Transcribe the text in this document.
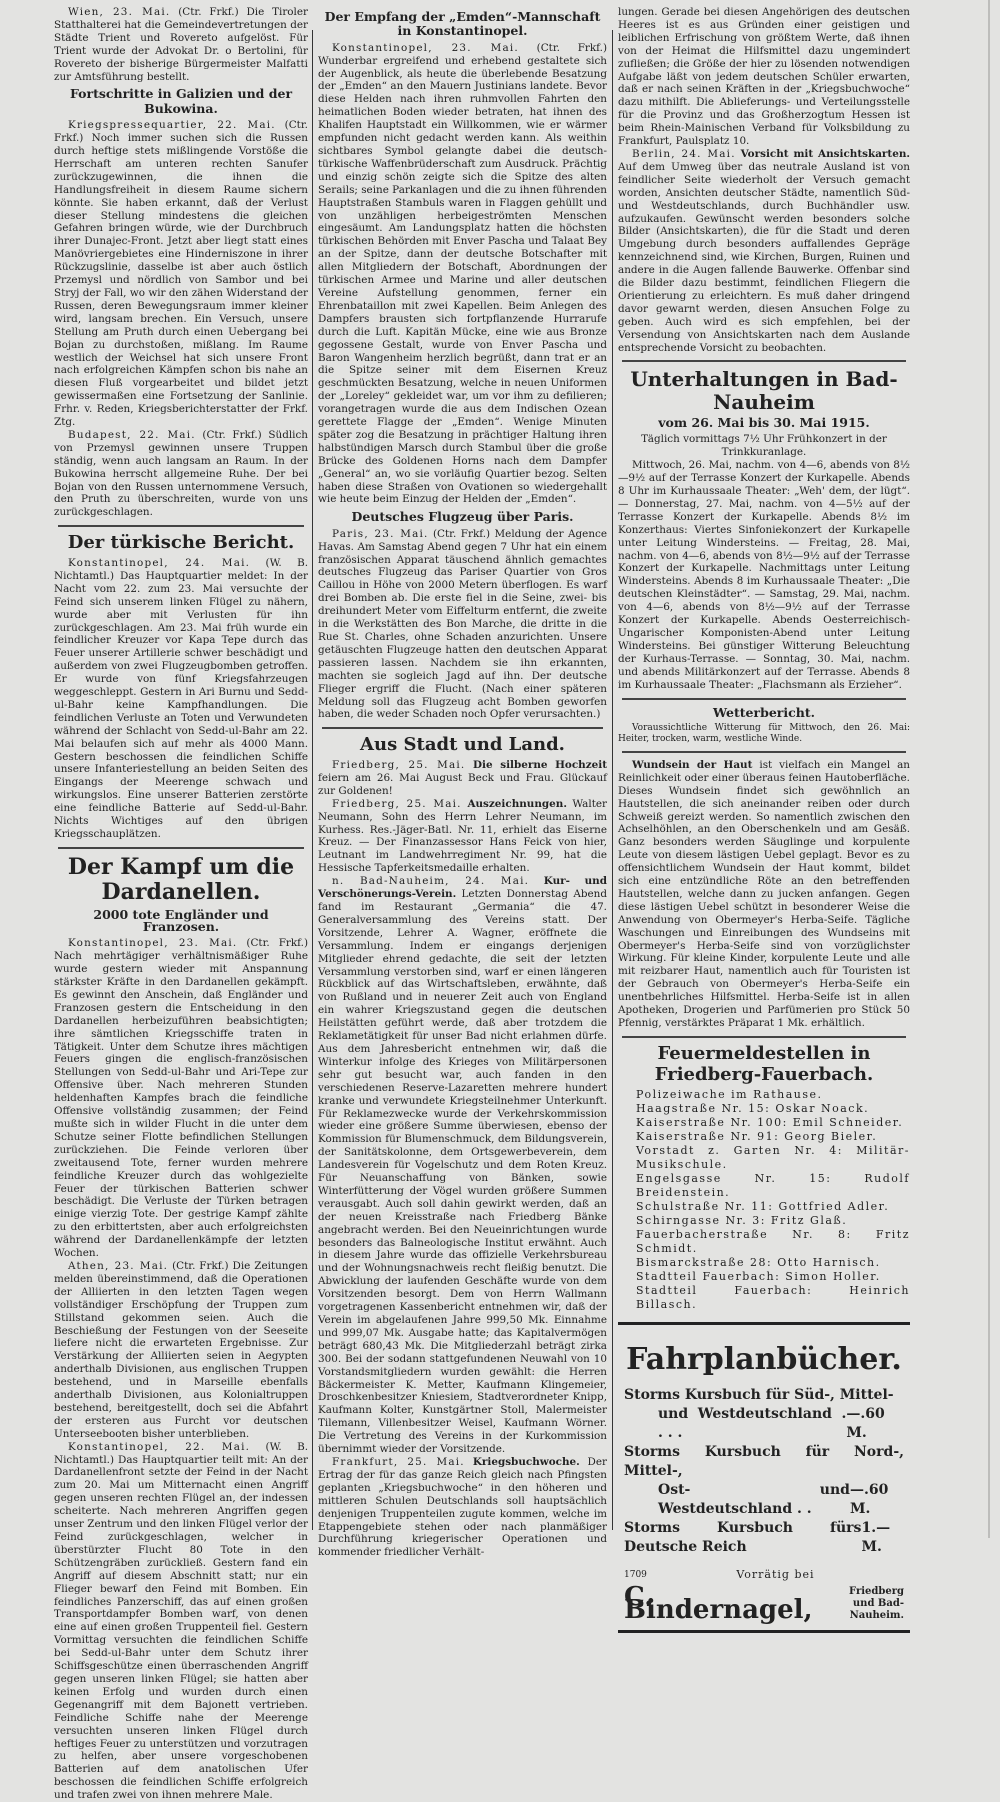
Wien, 23. Mai. (Ctr. Frkf.) Die Tiroler Statthalterei hat die Gemeindevertretungen der Städte Trient und Rovereto aufgelöst. Für Trient wurde der Advokat Dr. o Bertolini, für Rovereto der bisherige Bürgermeister Malfatti zur Amtsführung bestellt.

Fortschritte in Galizien und der Bukowina.

Kriegspressequartier, 22. Mai. (Ctr. Frkf.) Noch immer suchen sich die Russen durch heftige stets mißlingende Vorstöße die Herrschaft am unteren rechten Sanufer zurückzugewinnen, die ihnen die Handlungsfreiheit in diesem Raume sichern könnte. Sie haben erkannt, daß der Verlust dieser Stellung mindestens die gleichen Gefahren bringen würde, wie der Durchbruch ihrer Dunajec-Front. Jetzt aber liegt statt eines Manövriergebietes eine Hinderniszone in ihrer Rückzugslinie, dasselbe ist aber auch östlich Przemysl und nördlich von Sambor und bei Stryj der Fall, wo wir den zähen Widerstand der Russen, deren Bewegungsraum immer kleiner wird, langsam brechen. Ein Versuch, unsere Stellung am Pruth durch einen Uebergang bei Bojan zu durchstoßen, mißlang. Im Raume westlich der Weichsel hat sich unsere Front nach erfolgreichen Kämpfen schon bis nahe an diesen Fluß vorgearbeitet und bildet jetzt gewissermaßen eine Fortsetzung der Sanlinie. Frhr. v. Reden, Kriegsberichterstatter der Frkf. Ztg.

Budapest, 22. Mai. (Ctr. Frkf.) Südlich von Przemysl gewinnen unsere Truppen ständig, wenn auch langsam an Raum. In der Bukowina herrscht allgemeine Ruhe. Der bei Bojan von den Russen unternommene Versuch, den Pruth zu überschreiten, wurde von uns zurückgeschlagen.

Der türkische Bericht.

Konstantinopel, 24. Mai. (W. B. Nichtamtl.) Das Hauptquartier meldet: In der Nacht vom 22. zum 23. Mai versuchte der Feind sich unserem linken Flügel zu nähern, wurde aber mit Verlusten für ihn zurückgeschlagen. Am 23. Mai früh wurde ein feindlicher Kreuzer vor Kapa Tepe durch das Feuer unserer Artillerie schwer beschädigt und außerdem von zwei Flugzeugbomben getroffen. Er wurde von fünf Kriegsfahrzeugen weggeschleppt. Gestern in Ari Burnu und Sedd-ul-Bahr keine Kampfhandlungen. Die feindlichen Verluste an Toten und Verwundeten während der Schlacht von Sedd-ul-Bahr am 22. Mai belaufen sich auf mehr als 4000 Mann. Gestern beschossen die feindlichen Schiffe unsere Infanteriestellung an beiden Seiten des Eingangs der Meerenge schwach und wirkungslos. Eine unserer Batterien zerstörte eine feindliche Batterie auf Sedd-ul-Bahr. Nichts Wichtiges auf den übrigen Kriegsschauplätzen.

Der Kampf um die Dardanellen.
2000 tote Engländer und Franzosen.

Konstantinopel, 23. Mai. (Ctr. Frkf.) Nach mehrtägiger verhältnismäßiger Ruhe wurde gestern wieder mit Anspannung stärkster Kräfte in den Dardanellen gekämpft. Es gewinnt den Anschein, daß Engländer und Franzosen gestern die Entscheidung in den Dardanellen herbeizuführen beabsichtigten; ihre sämtlichen Kriegsschiffe traten in Tätigkeit. Unter dem Schutze ihres mächtigen Feuers gingen die englisch-französischen Stellungen von Sedd-ul-Bahr und Ari-Tepe zur Offensive über. Nach mehreren Stunden heldenhaften Kampfes brach die feindliche Offensive vollständig zusammen; der Feind mußte sich in wilder Flucht in die unter dem Schutze seiner Flotte befindlichen Stellungen zurückziehen. Die Feinde verloren über zweitausend Tote, ferner wurden mehrere feindliche Kreuzer durch das wohlgezielte Feuer der türkischen Batterien schwer beschädigt. Die Verluste der Türken betragen einige vierzig Tote. Der gestrige Kampf zählte zu den erbittertsten, aber auch erfolgreichsten während der Dardanellenkämpfe der letzten Wochen.

Athen, 23. Mai. (Ctr. Frkf.) Die Zeitungen melden übereinstimmend, daß die Operationen der Alliierten in den letzten Tagen wegen vollständiger Erschöpfung der Truppen zum Stillstand gekommen seien. Auch die Beschießung der Festungen von der Seeseite liefere nicht die erwarteten Ergebnisse. Zur Verstärkung der Alliierten seien in Aegypten anderthalb Divisionen, aus englischen Truppen bestehend, und in Marseille ebenfalls anderthalb Divisionen, aus Kolonialtruppen bestehend, bereitgestellt, doch sei die Abfahrt der ersteren aus Furcht vor deutschen Unterseebooten bisher unterblieben.

Konstantinopel, 22. Mai. (W. B. Nichtamtl.) Das Hauptquartier teilt mit: An der Dardanellenfront setzte der Feind in der Nacht zum 20. Mai um Mitternacht einen Angriff gegen unseren rechten Flügel an, der indessen scheiterte. Nach mehreren Angriffen gegen unser Zentrum und den linken Flügel verlor der Feind zurückgeschlagen, welcher in überstürzter Flucht 80 Tote in den Schützengräben zurückließ. Gestern fand ein Angriff auf diesem Abschnitt statt; nur ein Flieger bewarf den Feind mit Bomben. Ein feindliches Panzerschiff, das auf einen großen Transportdampfer Bomben warf, von denen eine auf einen großen Truppenteil fiel. Gestern Vormittag versuchten die feindlichen Schiffe bei Sedd-ul-Bahr unter dem Schutz ihrer Schiffsgeschütze einen überraschenden Angriff gegen unseren linken Flügel; sie hatten aber keinen Erfolg und wurden durch einen Gegenangriff mit dem Bajonett vertrieben. Feindliche Schiffe nahe der Meerenge versuchten unseren linken Flügel durch heftiges Feuer zu unterstützen und vorzutragen zu helfen, aber unsere vorgeschobenen Batterien auf dem anatolischen Ufer beschossen die feindlichen Schiffe erfolgreich und trafen zwei von ihnen mehrere Male.

Der Empfang der „Emden“-Mannschaft in Konstantinopel.

Konstantinopel, 23. Mai. (Ctr. Frkf.) Wunderbar ergreifend und erhebend gestaltete sich der Augenblick, als heute die überlebende Besatzung der „Emden“ an den Mauern Justinians landete. Bevor diese Helden nach ihren ruhmvollen Fahrten den heimatlichen Boden wieder betraten, hat ihnen des Khalifen Hauptstadt ein Willkommen, wie er wärmer empfunden nicht gedacht werden kann. Als weithin sichtbares Symbol gelangte dabei die deutsch-türkische Waffenbrüderschaft zum Ausdruck. Prächtig und einzig schön zeigte sich die Spitze des alten Serails; seine Parkanlagen und die zu ihnen führenden Hauptstraßen Stambuls waren in Flaggen gehüllt und von unzähligen herbeigeströmten Menschen eingesäumt. Am Landungsplatz hatten die höchsten türkischen Behörden mit Enver Pascha und Talaat Bey an der Spitze, dann der deutsche Botschafter mit allen Mitgliedern der Botschaft, Abordnungen der türkischen Armee und Marine und aller deutschen Vereine Aufstellung genommen, ferner ein Ehrenbataillon mit zwei Kapellen. Beim Anlegen des Dampfers brausten sich fortpflanzende Hurrarufe durch die Luft. Kapitän Mücke, eine wie aus Bronze gegossene Gestalt, wurde von Enver Pascha und Baron Wangenheim herzlich begrüßt, dann trat er an die Spitze seiner mit dem Eisernen Kreuz geschmückten Besatzung, welche in neuen Uniformen der „Loreley“ gekleidet war, um vor ihm zu defilieren; vorangetragen wurde die aus dem Indischen Ozean gerettete Flagge der „Emden“. Wenige Minuten später zog die Besatzung in prächtiger Haltung ihren halbstündigen Marsch durch Stambul über die große Brücke des Goldenen Horns nach dem Dampfer „General“ an, wo sie vorläufig Quartier bezog. Selten haben diese Straßen von Ovationen so wiedergehallt wie heute beim Einzug der Helden der „Emden“.

Deutsches Flugzeug über Paris.

Paris, 23. Mai. (Ctr. Frkf.) Meldung der Agence Havas. Am Samstag Abend gegen 7 Uhr hat ein einem französischen Apparat täuschend ähnlich gemachtes deutsches Flugzeug das Pariser Quartier von Gros Caillou in Höhe von 2000 Metern überflogen. Es warf drei Bomben ab. Die erste fiel in die Seine, zwei- bis dreihundert Meter vom Eiffelturm entfernt, die zweite in die Werkstätten des Bon Marche, die dritte in die Rue St. Charles, ohne Schaden anzurichten. Unsere getäuschten Flugzeuge hatten den deutschen Apparat passieren lassen. Nachdem sie ihn erkannten, machten sie sogleich Jagd auf ihn. Der deutsche Flieger ergriff die Flucht. (Nach einer späteren Meldung soll das Flugzeug acht Bomben geworfen haben, die weder Schaden noch Opfer verursachten.)

Aus Stadt und Land.

Friedberg, 25. Mai. Die silberne Hochzeit feiern am 26. Mai August Beck und Frau. Glückauf zur Goldenen!

Friedberg, 25. Mai. Auszeichnungen. Walter Neumann, Sohn des Herrn Lehrer Neumann, im Kurhess. Res.-Jäger-Batl. Nr. 11, erhielt das Eiserne Kreuz. — Der Finanzassessor Hans Feick von hier, Leutnant im Landwehrregiment Nr. 99, hat die Hessische Tapferkeitsmedaille erhalten.

n. Bad-Nauheim, 24. Mai. Kur- und Verschönerungs-Verein. Letzten Donnerstag Abend fand im Restaurant „Germania“ die 47. Generalversammlung des Vereins statt. Der Vorsitzende, Lehrer A. Wagner, eröffnete die Versammlung. Indem er eingangs derjenigen Mitglieder ehrend gedachte, die seit der letzten Versammlung verstorben sind, warf er einen längeren Rückblick auf das Wirtschaftsleben, erwähnte, daß von Rußland und in neuerer Zeit auch von England ein wahrer Kriegszustand gegen die deutschen Heilstätten geführt werde, daß aber trotzdem die Reklametätigkeit für unser Bad nicht erlahmen dürfe. Aus dem Jahresbericht entnehmen wir, daß die Winterkur infolge des Krieges von Militärpersonen sehr gut besucht war, auch fanden in den verschiedenen Reserve-Lazaretten mehrere hundert kranke und verwundete Kriegsteilnehmer Unterkunft. Für Reklamezwecke wurde der Verkehrskommission wieder eine größere Summe überwiesen, ebenso der Kommission für Blumenschmuck, dem Bildungsverein, der Sanitätskolonne, dem Ortsgewerbeverein, dem Landesverein für Vogelschutz und dem Roten Kreuz. Für Neuanschaffung von Bänken, sowie Winterfütterung der Vögel wurden größere Summen verausgabt. Auch soll dahin gewirkt werden, daß an der neuen Kreisstraße nach Friedberg Bänke angebracht werden. Bei den Neueinrichtungen wurde besonders das Balneologische Institut erwähnt. Auch in diesem Jahre wurde das offizielle Verkehrsbureau und der Wohnungsnachweis recht fleißig benutzt. Die Abwicklung der laufenden Geschäfte wurde von dem Vorsitzenden besorgt. Dem von Herrn Wallmann vorgetragenen Kassenbericht entnehmen wir, daß der Verein im abgelaufenen Jahre 999,50 Mk. Einnahme und 999,07 Mk. Ausgabe hatte; das Kapitalvermögen beträgt 680,43 Mk. Die Mitgliederzahl beträgt zirka 300. Bei der sodann stattgefundenen Neuwahl von 10 Vorstandsmitgliedern wurden gewählt: die Herren Bäckermeister K. Metter, Kaufmann Klingemeier, Droschkenbesitzer Kniesiem, Stadtverordneter Knipp, Kaufmann Kolter, Kunstgärtner Stoll, Malermeister Tilemann, Villenbesitzer Weisel, Kaufmann Wörner. Die Vertretung des Vereins in der Kurkommission übernimmt wieder der Vorsitzende.

Frankfurt, 25. Mai. Kriegsbuchwoche. Der Ertrag der für das ganze Reich gleich nach Pfingsten geplanten „Kriegsbuchwoche“ in den höheren und mittleren Schulen Deutschlands soll hauptsächlich denjenigen Truppenteilen zugute kommen, welche im Etappengebiete stehen oder nach planmäßiger Durchführung kriegerischer Operationen und kommender friedlicher Verhält-

lungen. Gerade bei diesen Angehörigen des deutschen Heeres ist es aus Gründen einer geistigen und leiblichen Erfrischung von größtem Werte, daß ihnen von der Heimat die Hilfsmittel dazu ungemindert zufließen; die Größe der hier zu lösenden notwendigen Aufgabe läßt von jedem deutschen Schüler erwarten, daß er nach seinen Kräften in der „Kriegsbuchwoche“ dazu mithilft. Die Ablieferungs- und Verteilungsstelle für die Provinz und das Großherzogtum Hessen ist beim Rhein-Mainischen Verband für Volksbildung zu Frankfurt, Paulsplatz 10.

Berlin, 24. Mai. Vorsicht mit Ansichtskarten. Auf dem Umweg über das neutrale Ausland ist von feindlicher Seite wiederholt der Versuch gemacht worden, Ansichten deutscher Städte, namentlich Süd- und Westdeutschlands, durch Buchhändler usw. aufzukaufen. Gewünscht werden besonders solche Bilder (Ansichtskarten), die für die Stadt und deren Umgebung durch besonders auffallendes Gepräge kennzeichnend sind, wie Kirchen, Burgen, Ruinen und andere in die Augen fallende Bauwerke. Offenbar sind die Bilder dazu bestimmt, feindlichen Fliegern die Orientierung zu erleichtern. Es muß daher dringend davor gewarnt werden, diesen Ansuchen Folge zu geben. Auch wird es sich empfehlen, bei der Versendung von Ansichtskarten nach dem Auslande entsprechende Vorsicht zu beobachten.

Unterhaltungen in Bad-Nauheim
vom 26. Mai bis 30. Mai 1915.

Täglich vormittags 7½ Uhr Frühkonzert in der Trinkkuranlage.

Mittwoch, 26. Mai, nachm. von 4—6, abends von 8½—9½ auf der Terrasse Konzert der Kurkapelle. Abends 8 Uhr im Kurhaussaale Theater: „Weh' dem, der lügt“. — Donnerstag, 27. Mai, nachm. von 4—5½ auf der Terrasse Konzert der Kurkapelle. Abends 8½ im Konzerthaus: Viertes Sinfoniekonzert der Kurkapelle unter Leitung Windersteins. — Freitag, 28. Mai, nachm. von 4—6, abends von 8½—9½ auf der Terrasse Konzert der Kurkapelle. Nachmittags unter Leitung Windersteins. Abends 8 im Kurhaussaale Theater: „Die deutschen Kleinstädter“. — Samstag, 29. Mai, nachm. von 4—6, abends von 8½—9½ auf der Terrasse Konzert der Kurkapelle. Abends Oesterreichisch-Ungarischer Komponisten-Abend unter Leitung Windersteins. Bei günstiger Witterung Beleuchtung der Kurhaus-Terrasse. — Sonntag, 30. Mai, nachm. und abends Militärkonzert auf der Terrasse. Abends 8 im Kurhaussaale Theater: „Flachsmann als Erzieher“.

Wetterbericht.

Voraussichtliche Witterung für Mittwoch, den 26. Mai: Heiter, trocken, warm, westliche Winde.

Wundsein der Haut ist vielfach ein Mangel an Reinlichkeit oder einer überaus feinen Hautoberfläche. Dieses Wundsein findet sich gewöhnlich an Hautstellen, die sich aneinander reiben oder durch Schweiß gereizt werden. So namentlich zwischen den Achselhöhlen, an den Oberschenkeln und am Gesäß. Ganz besonders werden Säuglinge und korpulente Leute von diesem lästigen Uebel geplagt. Bevor es zu offensichtlichem Wundsein der Haut kommt, bildet sich eine entzündliche Röte an den betreffenden Hautstellen, welche dann zu jucken anfangen. Gegen diese lästigen Uebel schützt in besonderer Weise die Anwendung von Obermeyer's Herba-Seife. Tägliche Waschungen und Einreibungen des Wundseins mit Obermeyer's Herba-Seife sind von vorzüglichster Wirkung. Für kleine Kinder, korpulente Leute und alle mit reizbarer Haut, namentlich auch für Touristen ist der Gebrauch von Obermeyer's Herba-Seife ein unentbehrliches Hilfsmittel. Herba-Seife ist in allen Apotheken, Drogerien und Parfümerien pro Stück 50 Pfennig, verstärktes Präparat 1 Mk. erhältlich.

Feuermeldestellen in Friedberg-Fauerbach.
Polizeiwache im Rathause.
Haagstraße Nr. 15: Oskar Noack.
Kaiserstraße Nr. 100: Emil Schneider.
Kaiserstraße Nr. 91: Georg Bieler.
Vorstadt z. Garten Nr. 4: Militär-Musikschule.
Engelsgasse Nr. 15: Rudolf Breidenstein.
Schulstraße Nr. 11: Gottfried Adler.
Schirngasse Nr. 3: Fritz Glaß.
Fauerbacherstraße Nr. 8: Fritz Schmidt.
Bismarckstraße 28: Otto Harnisch.
Stadtteil Fauerbach: Simon Holler.
Stadtteil Fauerbach: Heinrich Billasch.
Fahrplanbücher.
Storms Kursbuch für Süd-, Mittel-
und Westdeutschland . . . .
—.60 M.
Storms Kursbuch für Nord-, Mittel-,
Ost- und Westdeutschland . .
—.60 M.
Storms Kursbuch fürs Deutsche Reich
1.— M.
1709	Vorrätig bei
C. Bindernagel,
Friedberg und Bad-Nauheim.
